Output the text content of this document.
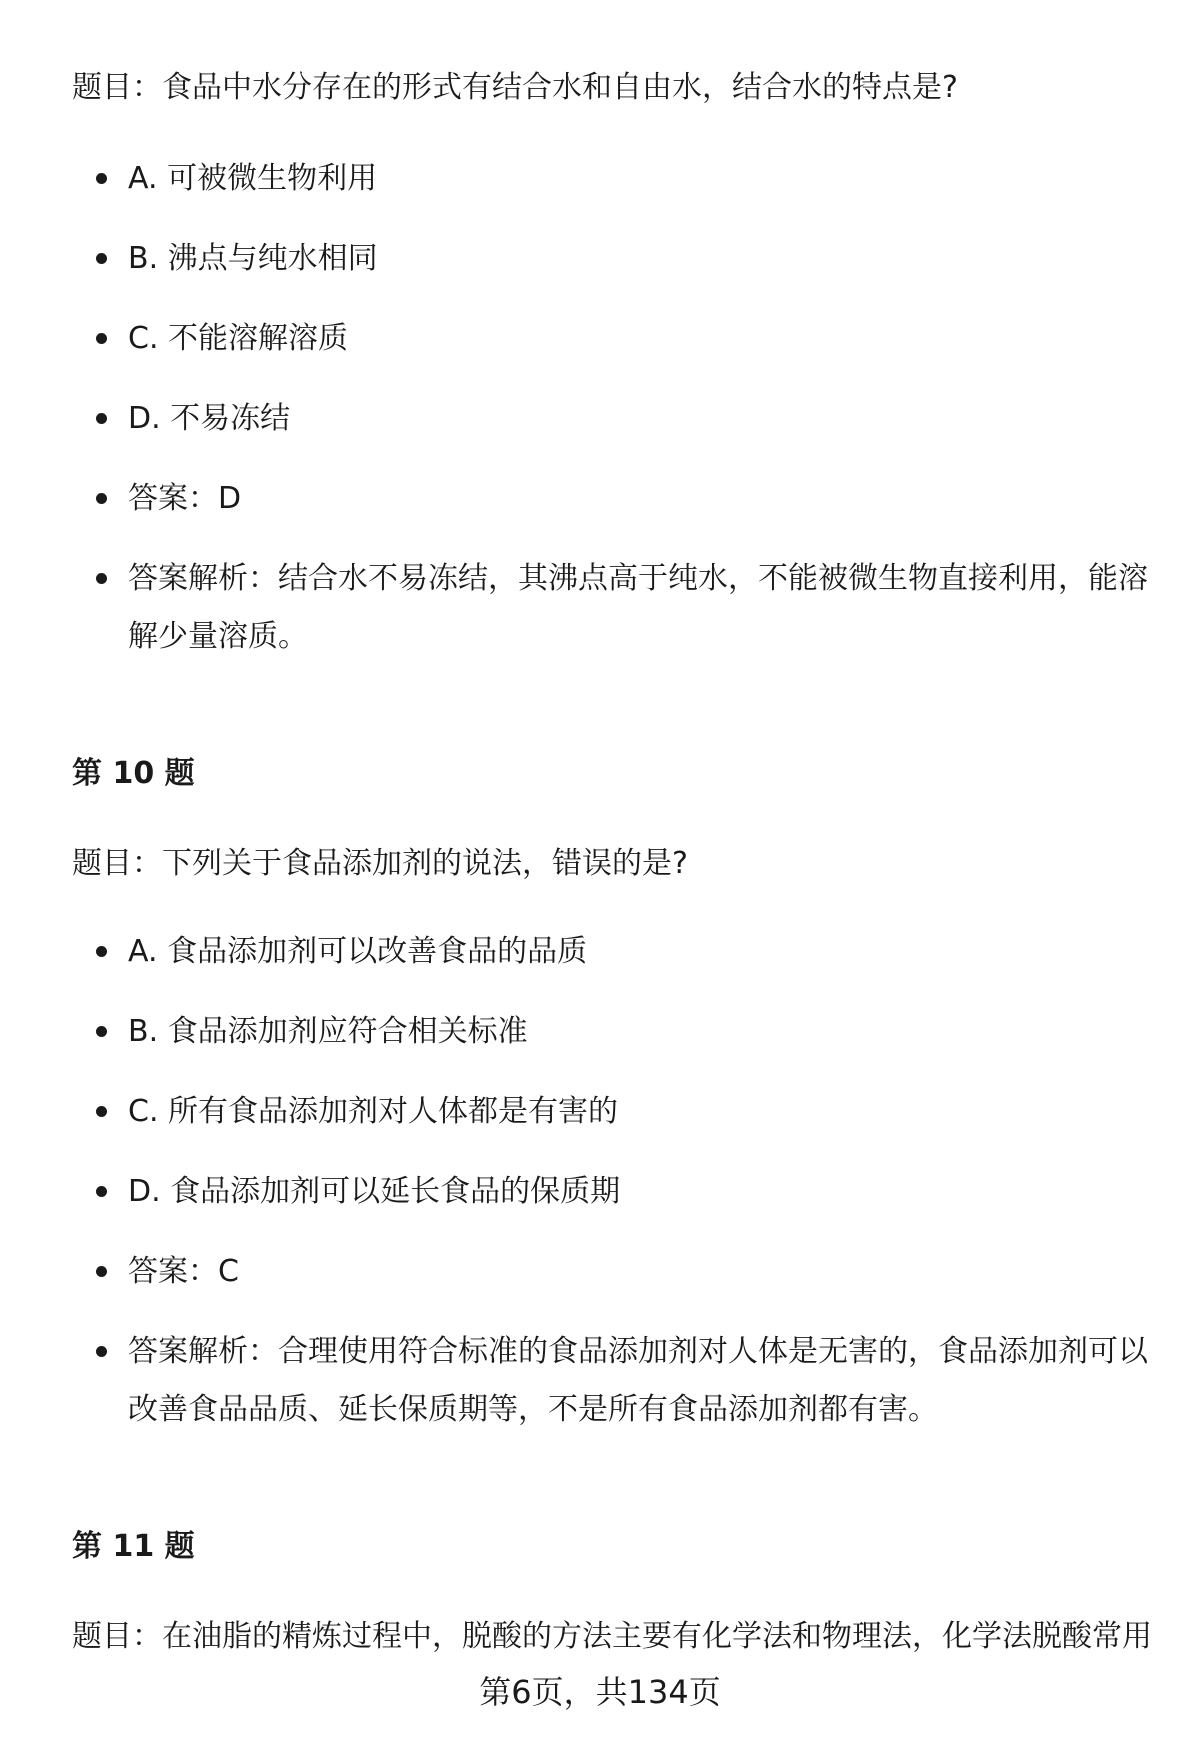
题目：食品中水分存在的形式有结合水和自由水，结合水的特点是?
A. 可被微生物利用
B. 沸点与纯水相同
C. 不能溶解溶质
D. 不易冻结
答案：D
答案解析：结合水不易冻结，其沸点高于纯水，不能被微生物直接利用，能溶解少量溶质。
第 10 题
题目：下列关于食品添加剂的说法，错误的是?
A. 食品添加剂可以改善食品的品质
B. 食品添加剂应符合相关标准
C. 所有食品添加剂对人体都是有害的
D. 食品添加剂可以延长食品的保质期
答案：C
答案解析：合理使用符合标准的食品添加剂对人体是无害的，食品添加剂可以改善食品品质、延长保质期等，不是所有食品添加剂都有害。
第 11 题
题目：在油脂的精炼过程中，脱酸的方法主要有化学法和物理法，化学法脱酸常用
第6页，共134页
